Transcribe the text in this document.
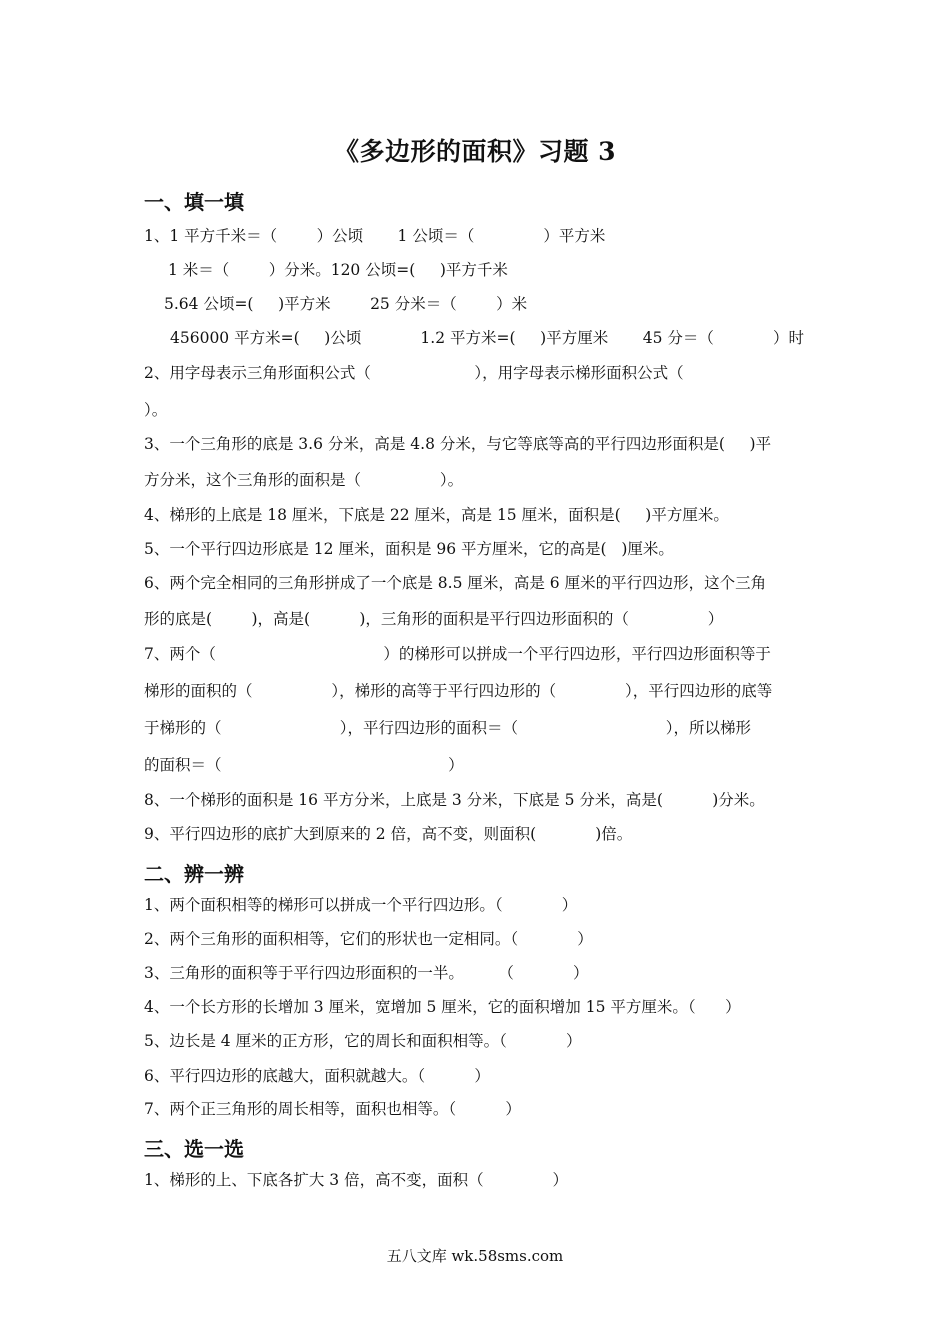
《多边形的面积》习题 3
一、填一填
1、1 平方千米＝（        ）公顷       1 公顷＝（              ）平方米
1 米＝（        ）分米。120 公顷=(     )平方千米
5.64 公顷=(     )平方米        25 分米＝（        ）米
456000 平方米=(     )公顷            1.2 平方米=(     )平方厘米       45 分＝（            ）时
2、用字母表示三角形面积公式（                     ），用字母表示梯形面积公式（
）。
3、一个三角形的底是 3.6 分米，高是 4.8 分米，与它等底等高的平行四边形面积是(     )平
方分米，这个三角形的面积是（                ）。
4、梯形的上底是 18 厘米，下底是 22 厘米，高是 15 厘米，面积是(     )平方厘米。
5、一个平行四边形底是 12 厘米，面积是 96 平方厘米，它的高是(   )厘米。
6、两个完全相同的三角形拼成了一个底是 8.5 厘米，高是 6 厘米的平行四边形，这个三角
形的底是(        )，高是(          )，三角形的面积是平行四边形面积的（                ）
7、两个（                                  ）的梯形可以拼成一个平行四边形，平行四边形面积等于
梯形的面积的（                ），梯形的高等于平行四边形的（              ），平行四边形的底等
于梯形的（                        ），平行四边形的面积＝（                              ），所以梯形
的面积＝（                                              ）
8、一个梯形的面积是 16 平方分米，上底是 3 分米，下底是 5 分米，高是(          )分米。
9、平行四边形的底扩大到原来的 2 倍，高不变，则面积(            )倍。
二、辨一辨
1、两个面积相等的梯形可以拼成一个平行四边形。（            ）
2、两个三角形的面积相等，它们的形状也一定相同。（            ）
3、三角形的面积等于平行四边形面积的一半。       （            ）
4、一个长方形的长增加 3 厘米，宽增加 5 厘米，它的面积增加 15 平方厘米。（      ）
5、边长是 4 厘米的正方形，它的周长和面积相等。（            ）
6、平行四边形的底越大，面积就越大。（          ）
7、两个正三角形的周长相等，面积也相等。（          ）
三、选一选
1、梯形的上、下底各扩大 3 倍，高不变，面积（              ）
五八文库 wk.58sms.com
